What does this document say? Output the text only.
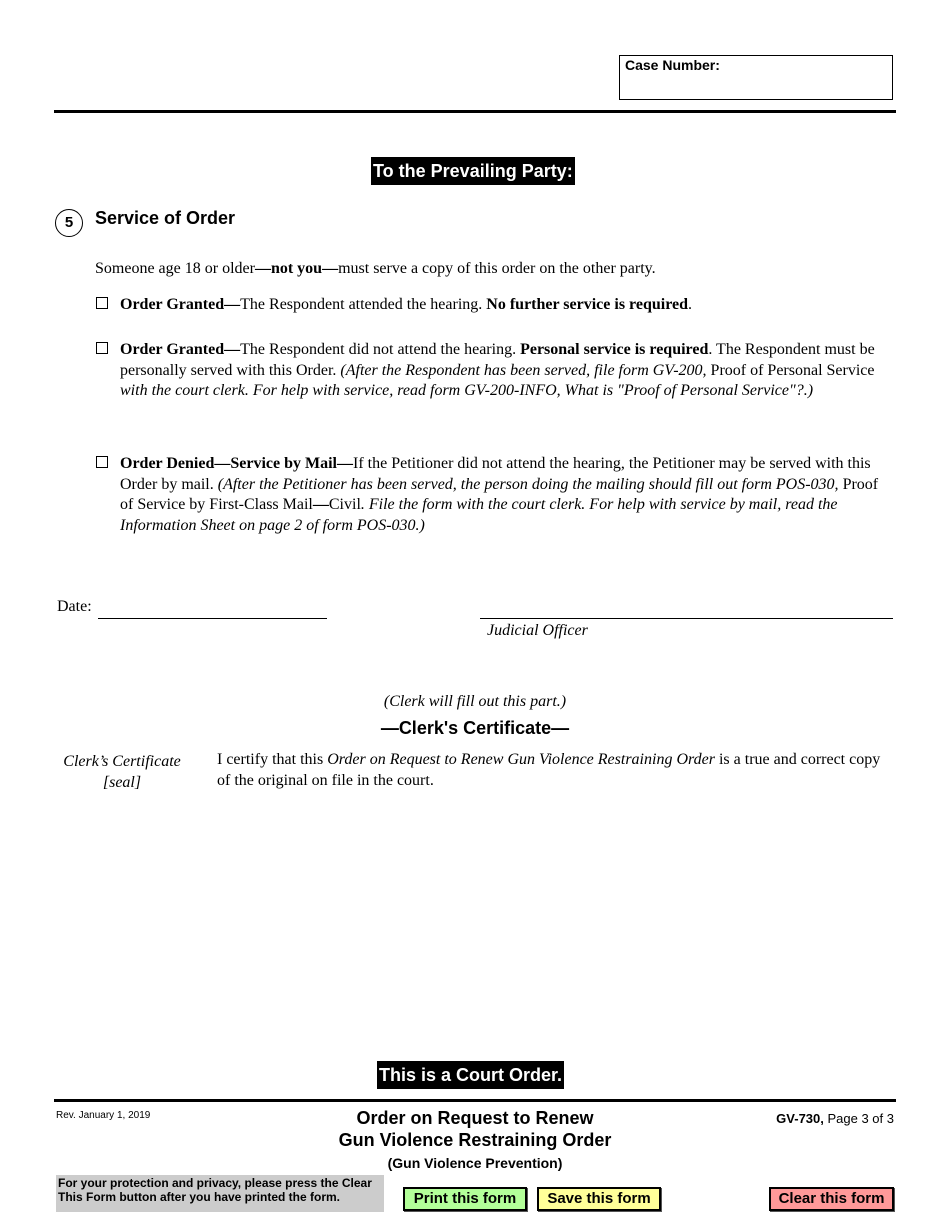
Case Number:
To the Prevailing Party:
5	Service of Order
Someone age 18 or older—not you—must serve a copy of this order on the other party.
Order Granted—The Respondent attended the hearing. No further service is required.
Order Granted—The Respondent did not attend the hearing. Personal service is required. The Respondent must be personally served with this Order. (After the Respondent has been served, file form GV-200, Proof of Personal Service with the court clerk. For help with service, read form GV-200-INFO, What is "Proof of Personal Service"?.)
Order Denied—Service by Mail—If the Petitioner did not attend the hearing, the Petitioner may be served with this Order by mail. (After the Petitioner has been served, the person doing the mailing should fill out form POS-030, Proof of Service by First-Class Mail—Civil. File the form with the court clerk. For help with service by mail, read the Information Sheet on page 2 of form POS-030.)
Date:
Judicial Officer
(Clerk will fill out this part.)
—Clerk's Certificate—
Clerk’s Certificate
[seal]
I certify that this Order on Request to Renew Gun Violence Restraining Order is a true and correct copy of the original on file in the court.
This is a Court Order.
Rev. January 1, 2019	Order on Request to Renew
Gun Violence Restraining Order
(Gun Violence Prevention)
GV-730, Page 3 of 3
For your protection and privacy, please press the Clear This Form button after you have printed the form.	Print this form	Save this form	Clear this form
